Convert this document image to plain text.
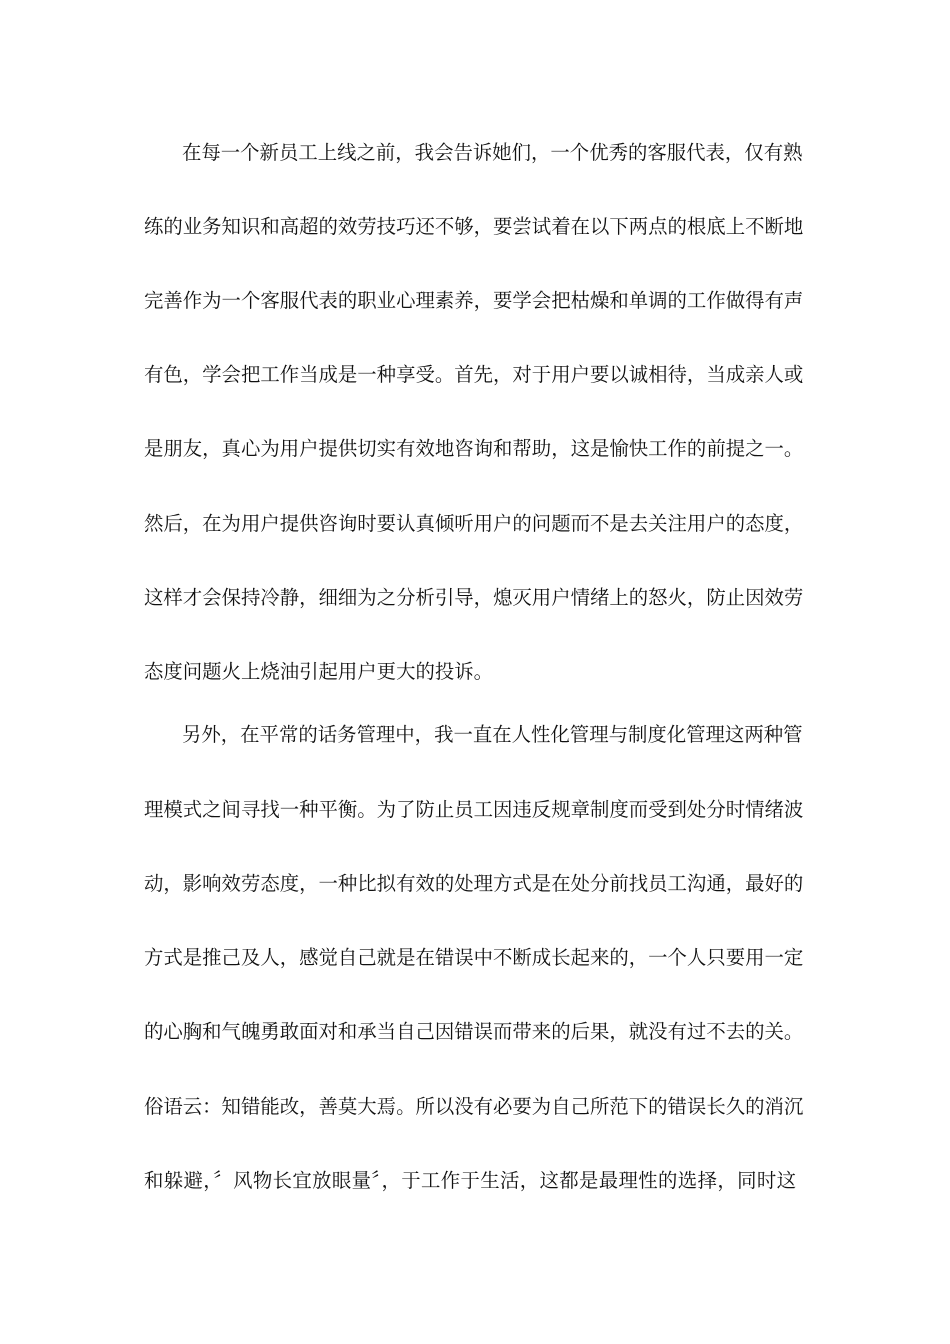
在每一个新员工上线之前，我会告诉她们，一个优秀的客服代表，仅有熟
练的业务知识和高超的效劳技巧还不够，要尝试着在以下两点的根底上不断地
完善作为一个客服代表的职业心理素养，要学会把枯燥和单调的工作做得有声
有色，学会把工作当成是一种享受。首先，对于用户要以诚相待，当成亲人或
是朋友，真心为用户提供切实有效地咨询和帮助，这是愉快工作的前提之一。
然后，在为用户提供咨询时要认真倾听用户的问题而不是去关注用户的态度，
这样才会保持冷静，细细为之分析引导，熄灭用户情绪上的怒火，防止因效劳
态度问题火上烧油引起用户更大的投诉。
另外，在平常的话务管理中，我一直在人性化管理与制度化管理这两种管
理模式之间寻找一种平衡。为了防止员工因违反规章制度而受到处分时情绪波
动，影响效劳态度，一种比拟有效的处理方式是在处分前找员工沟通，最好的
方式是推己及人，感觉自己就是在错误中不断成长起来的，一个人只要用一定
的心胸和气魄勇敢面对和承当自己因错误而带来的后果，就没有过不去的关。
俗语云：知错能改，善莫大焉。所以没有必要为自己所范下的错误长久的消沉
和躲避，〞风物长宜放眼量〞，于工作于生活，这都是最理性的选择，同时这
